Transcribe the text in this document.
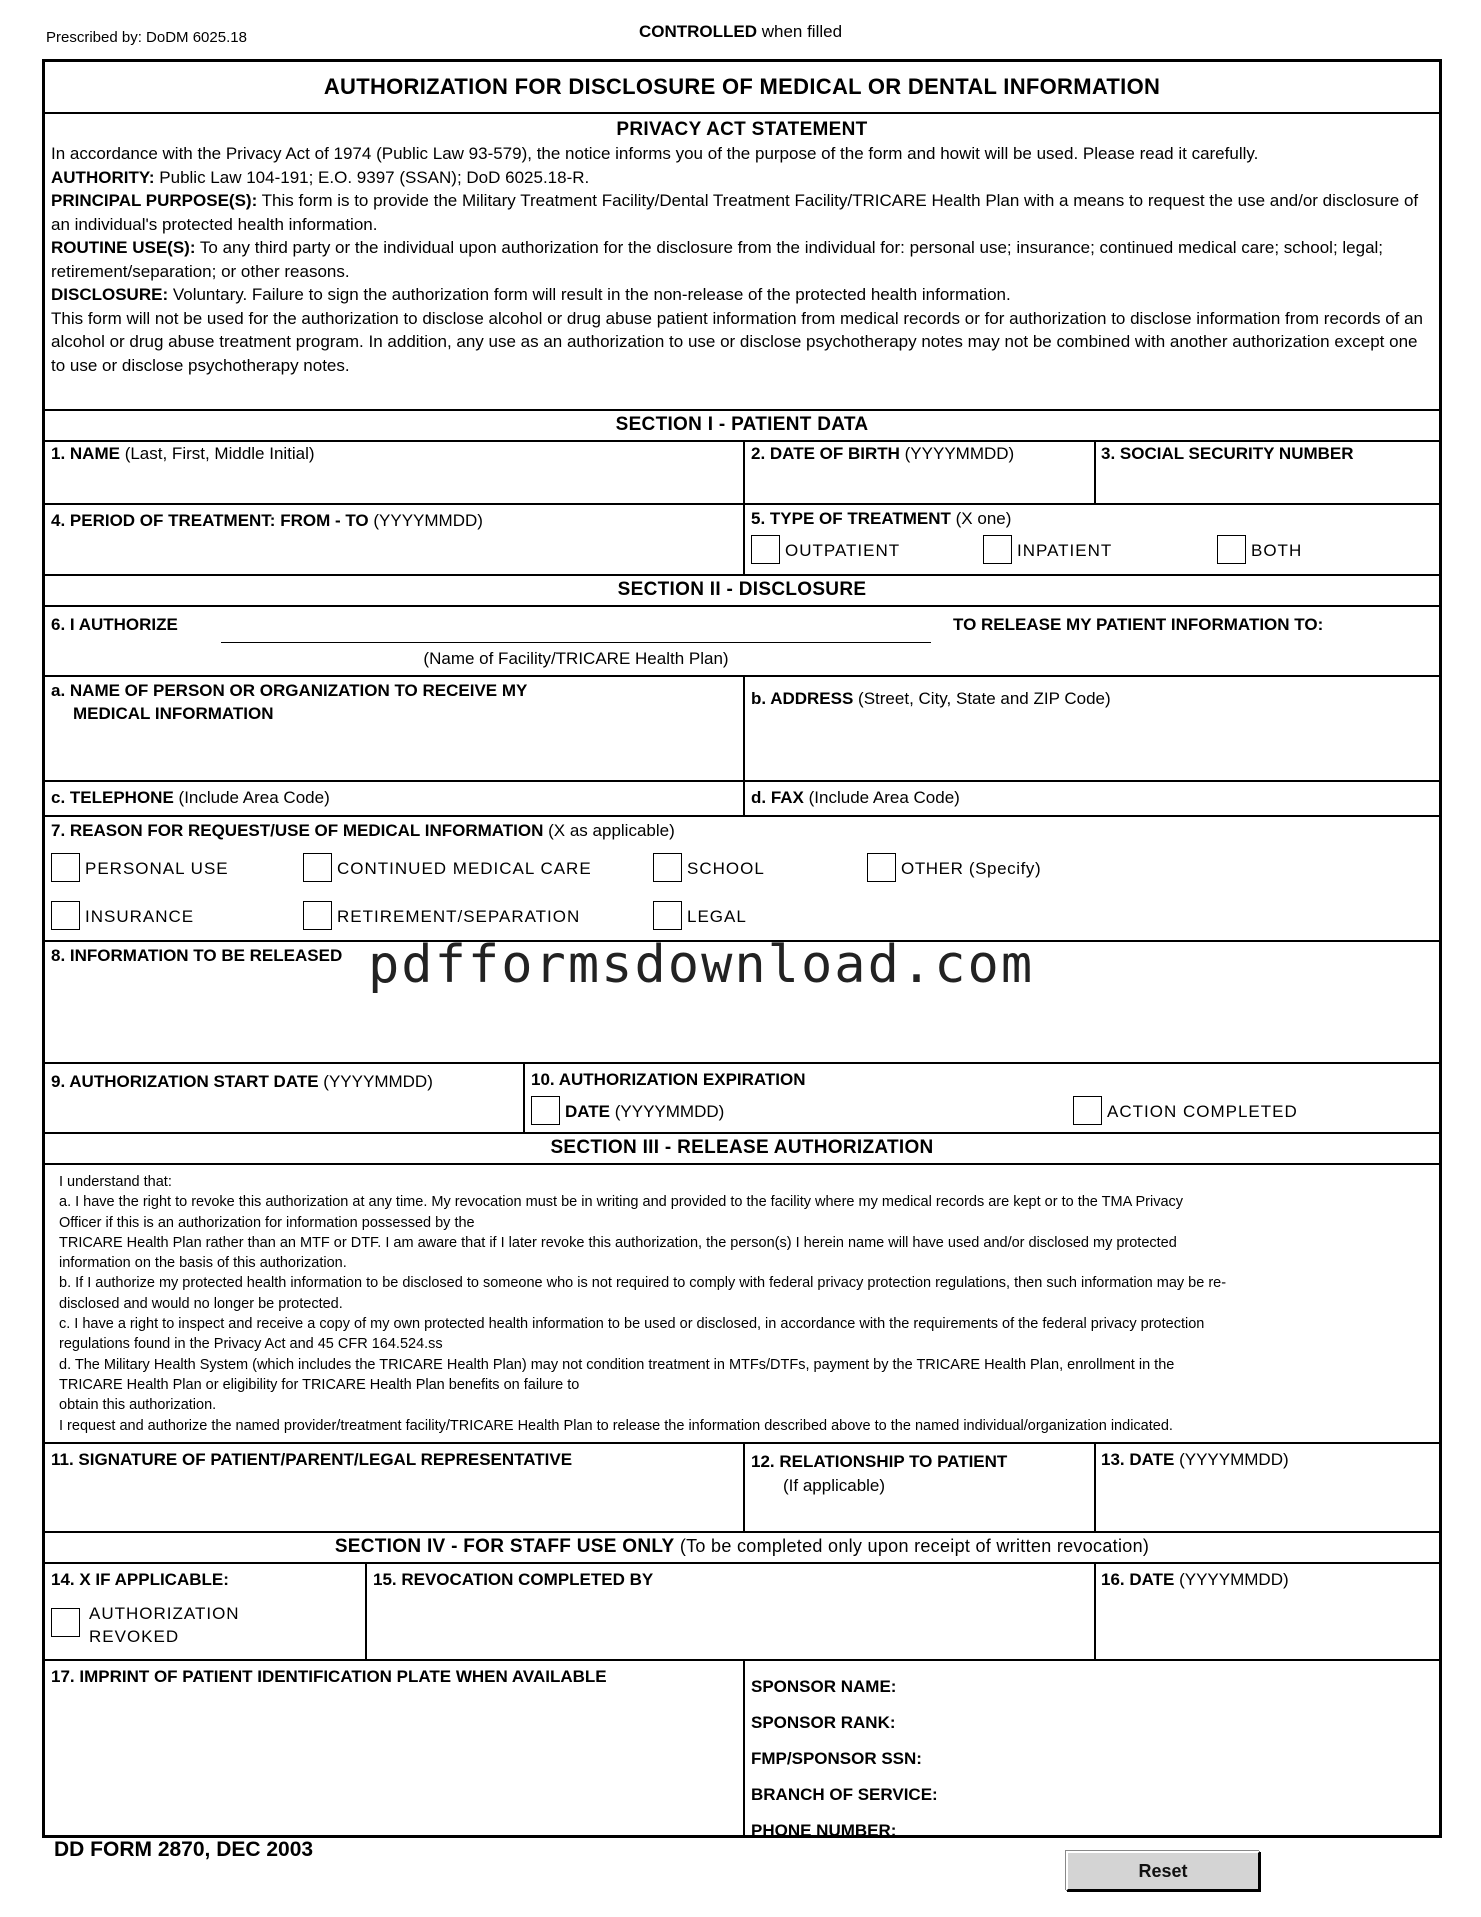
Prescribed by: DoDM 6025.18	CONTROLLED when filled
AUTHORIZATION FOR DISCLOSURE OF MEDICAL OR DENTAL INFORMATION
PRIVACY ACT STATEMENT
In accordance with the Privacy Act of 1974 (Public Law 93-579), the notice informs you of the purpose of the form and howit will be used. Please read it carefully.
AUTHORITY: Public Law 104-191; E.O. 9397 (SSAN); DoD 6025.18-R.
PRINCIPAL PURPOSE(S): This form is to provide the Military Treatment Facility/Dental Treatment Facility/TRICARE Health Plan with a means to request the use and/or disclosure of an individual's protected health information.
ROUTINE USE(S): To any third party or the individual upon authorization for the disclosure from the individual for: personal use; insurance; continued medical care; school; legal; retirement/separation; or other reasons.
DISCLOSURE: Voluntary. Failure to sign the authorization form will result in the non-release of the protected health information.
This form will not be used for the authorization to disclose alcohol or drug abuse patient information from medical records or for authorization to disclose information from records of an alcohol or drug abuse treatment program. In addition, any use as an authorization to use or disclose psychotherapy notes may not be combined with another authorization except one to use or disclose psychotherapy notes.
SECTION I - PATIENT DATA
1. NAME (Last, First, Middle Initial)	2. DATE OF BIRTH (YYYYMMDD)	3. SOCIAL SECURITY NUMBER
4. PERIOD OF TREATMENT: FROM - TO (YYYYMMDD)	5. TYPE OF TREATMENT (X one)
OUTPATIENT	INPATIENT	BOTH
SECTION II - DISCLOSURE
6. I AUTHORIZE
(Name of Facility/TRICARE Health Plan)
TO RELEASE MY PATIENT INFORMATION TO:
a. NAME OF PERSON OR ORGANIZATION TO RECEIVE MY
MEDICAL INFORMATION
b. ADDRESS (Street, City, State and ZIP Code)
c. TELEPHONE (Include Area Code)	d. FAX (Include Area Code)
7. REASON FOR REQUEST/USE OF MEDICAL INFORMATION (X as applicable)
PERSONAL USE	CONTINUED MEDICAL CARE	SCHOOL	OTHER (Specify)
INSURANCE	RETIREMENT/SEPARATION	LEGAL
8. INFORMATION TO BE RELEASED
9. AUTHORIZATION START DATE (YYYYMMDD)	10. AUTHORIZATION EXPIRATION
DATE (YYYYMMDD)	ACTION COMPLETED
SECTION III - RELEASE AUTHORIZATION
I understand that:
a. I have the right to revoke this authorization at any time. My revocation must be in writing and provided to the facility where my medical records are kept or to the TMA Privacy
Officer if this is an authorization for information possessed by the
TRICARE Health Plan rather than an MTF or DTF. I am aware that if I later revoke this authorization, the person(s) I herein name will have used and/or disclosed my protected
information on the basis of this authorization.
b. If I authorize my protected health information to be disclosed to someone who is not required to comply with federal privacy protection regulations, then such information may be re-
disclosed and would no longer be protected.
c. I have a right to inspect and receive a copy of my own protected health information to be used or disclosed, in accordance with the requirements of the federal privacy protection
regulations found in the Privacy Act and 45 CFR 164.524.ss
d. The Military Health System (which includes the TRICARE Health Plan) may not condition treatment in MTFs/DTFs, payment by the TRICARE Health Plan, enrollment in the
TRICARE Health Plan or eligibility for TRICARE Health Plan benefits on failure to
obtain this authorization.
I request and authorize the named provider/treatment facility/TRICARE Health Plan to release the information described above to the named individual/organization indicated.
11. SIGNATURE OF PATIENT/PARENT/LEGAL REPRESENTATIVE	12. RELATIONSHIP TO PATIENT
(If applicable)
13. DATE (YYYYMMDD)
SECTION IV - FOR STAFF USE ONLY (To be completed only upon receipt of written revocation)
14. X IF APPLICABLE:
AUTHORIZATION
REVOKED
15. REVOCATION COMPLETED BY	16. DATE (YYYYMMDD)
17. IMPRINT OF PATIENT IDENTIFICATION PLATE WHEN AVAILABLE
SPONSOR NAME:
SPONSOR RANK:
FMP/SPONSOR SSN:
BRANCH OF SERVICE:
PHONE NUMBER:
pdfformsdownload.com
DD FORM 2870, DEC 2003
Reset
